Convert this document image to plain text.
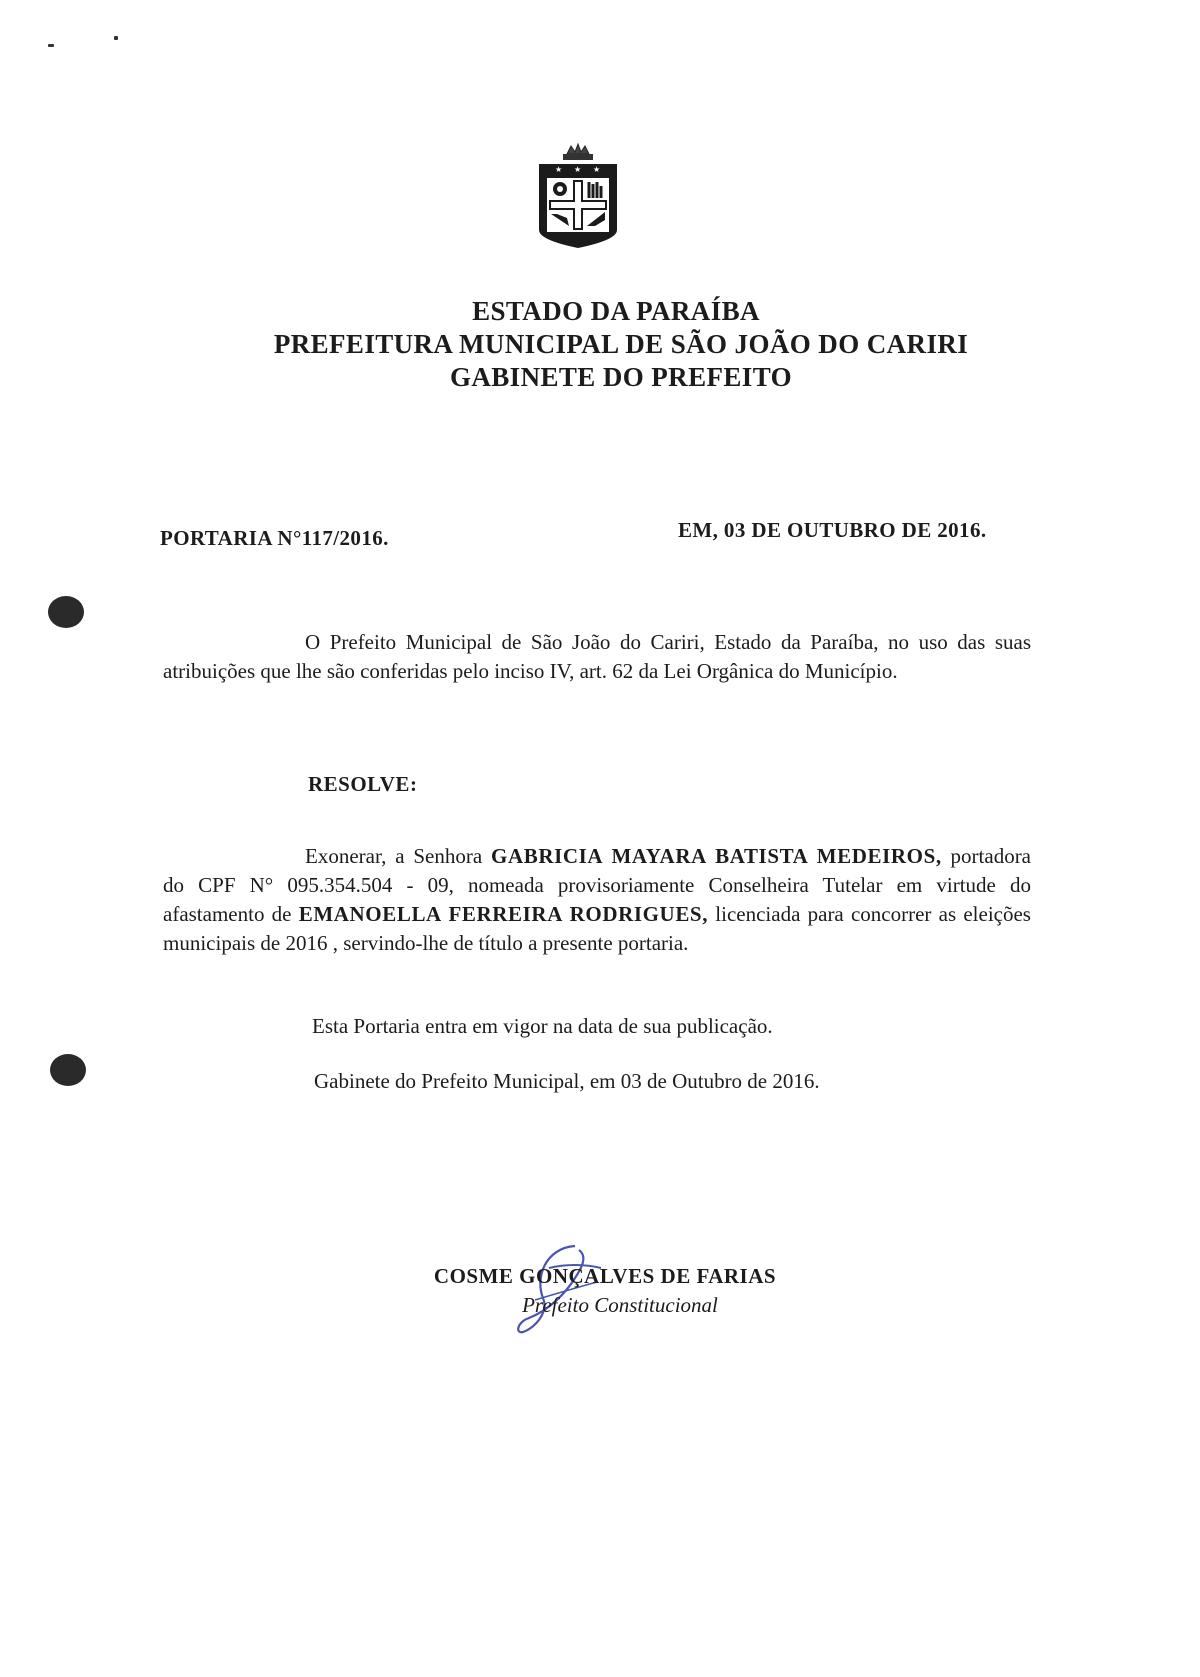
★ ★ ★
ESTADO DA PARAÍBA
PREFEITURA MUNICIPAL DE SÃO JOÃO DO CARIRI
GABINETE DO PREFEITO
PORTARIA N°117/2016.	EM, 03 DE OUTUBRO DE 2016.
O Prefeito Municipal de São João do Cariri, Estado da Paraíba, no uso das suas atribuições que lhe são conferidas pelo inciso IV, art. 62 da Lei Orgânica do Município.
RESOLVE:
Exonerar, a Senhora GABRICIA MAYARA BATISTA MEDEIROS, portadora do CPF N° 095.354.504 - 09, nomeada provisoriamente Conselheira Tutelar em virtude do afastamento de EMANOELLA FERREIRA RODRIGUES, licenciada para concorrer as eleições municipais de 2016 , servindo-lhe de título a presente portaria.
Esta Portaria entra em vigor na data de sua publicação.
Gabinete do Prefeito Municipal, em 03 de Outubro de 2016.
COSME GONÇALVES DE FARIAS
Prefeito Constitucional
